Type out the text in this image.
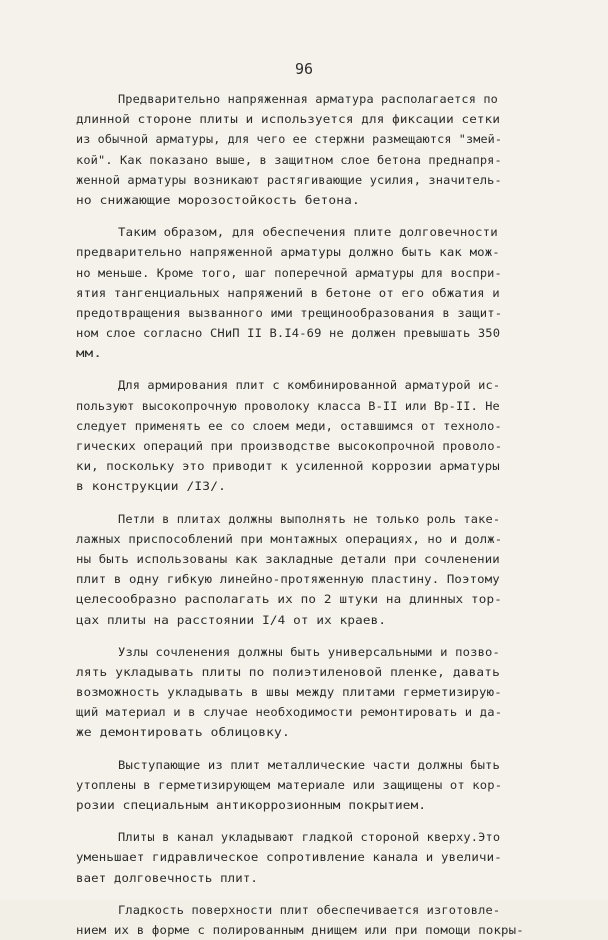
96
Предварительно напряженная арматура располагается по
длинной стороне плиты и используется для фиксации сетки
из обычной арматуры, для чего ее стержни размещаются "змей-
кой". Как показано выше, в защитном слое бетона преднапря-
женной арматуры возникают растягивающие усилия, значитель-
но снижающие морозостойкость бетона.
Таким образом, для обеспечения плите долговечности
предварительно напряженной арматуры должно быть как мож-
но меньше. Кроме того, шаг поперечной арматуры для воспри-
ятия тангенциальных напряжений в бетоне от его обжатия и
предотвращения вызванного ими трещинообразования в защит-
ном слое согласно СНиП II В.I4-69 не должен превышать 350
мм.
Для армирования плит с комбинированной арматурой ис-
пользуют высокопрочную проволоку класса В-II или Вр-II. Не
следует применять ее со слоем меди, оставшимся от техноло-
гических операций при производстве высокопрочной проволо-
ки, поскольку это приводит к усиленной коррозии арматуры
в конструкции /I3/.
Петли в плитах должны выполнять не только роль таке-
лажных приспособлений при монтажных операциях, но и долж-
ны быть использованы как закладные детали при сочленении
плит в одну гибкую линейно-протяженную пластину. Поэтому
целесообразно располагать их по 2 штуки на длинных тор-
цах плиты на расстоянии I/4 от их краев.
Узлы сочленения должны быть универсальными и позво-
лять укладывать плиты по полиэтиленовой пленке, давать
возможность укладывать в швы между плитами герметизирую-
щий материал и в случае необходимости ремонтировать и да-
же демонтировать облицовку.
Выступающие из плит металлические части должны быть
утоплены в герметизирующем материале или защищены от кор-
розии специальным антикоррозионным покрытием.
Плиты в канал укладывают гладкой стороной кверху.Это
уменьшает гидравлическое сопротивление канала и увеличи-
вает долговечность плит.
Гладкость поверхности плит обеспечивается изготовле-
нием их в форме с полированным днищем или при помощи покры-
